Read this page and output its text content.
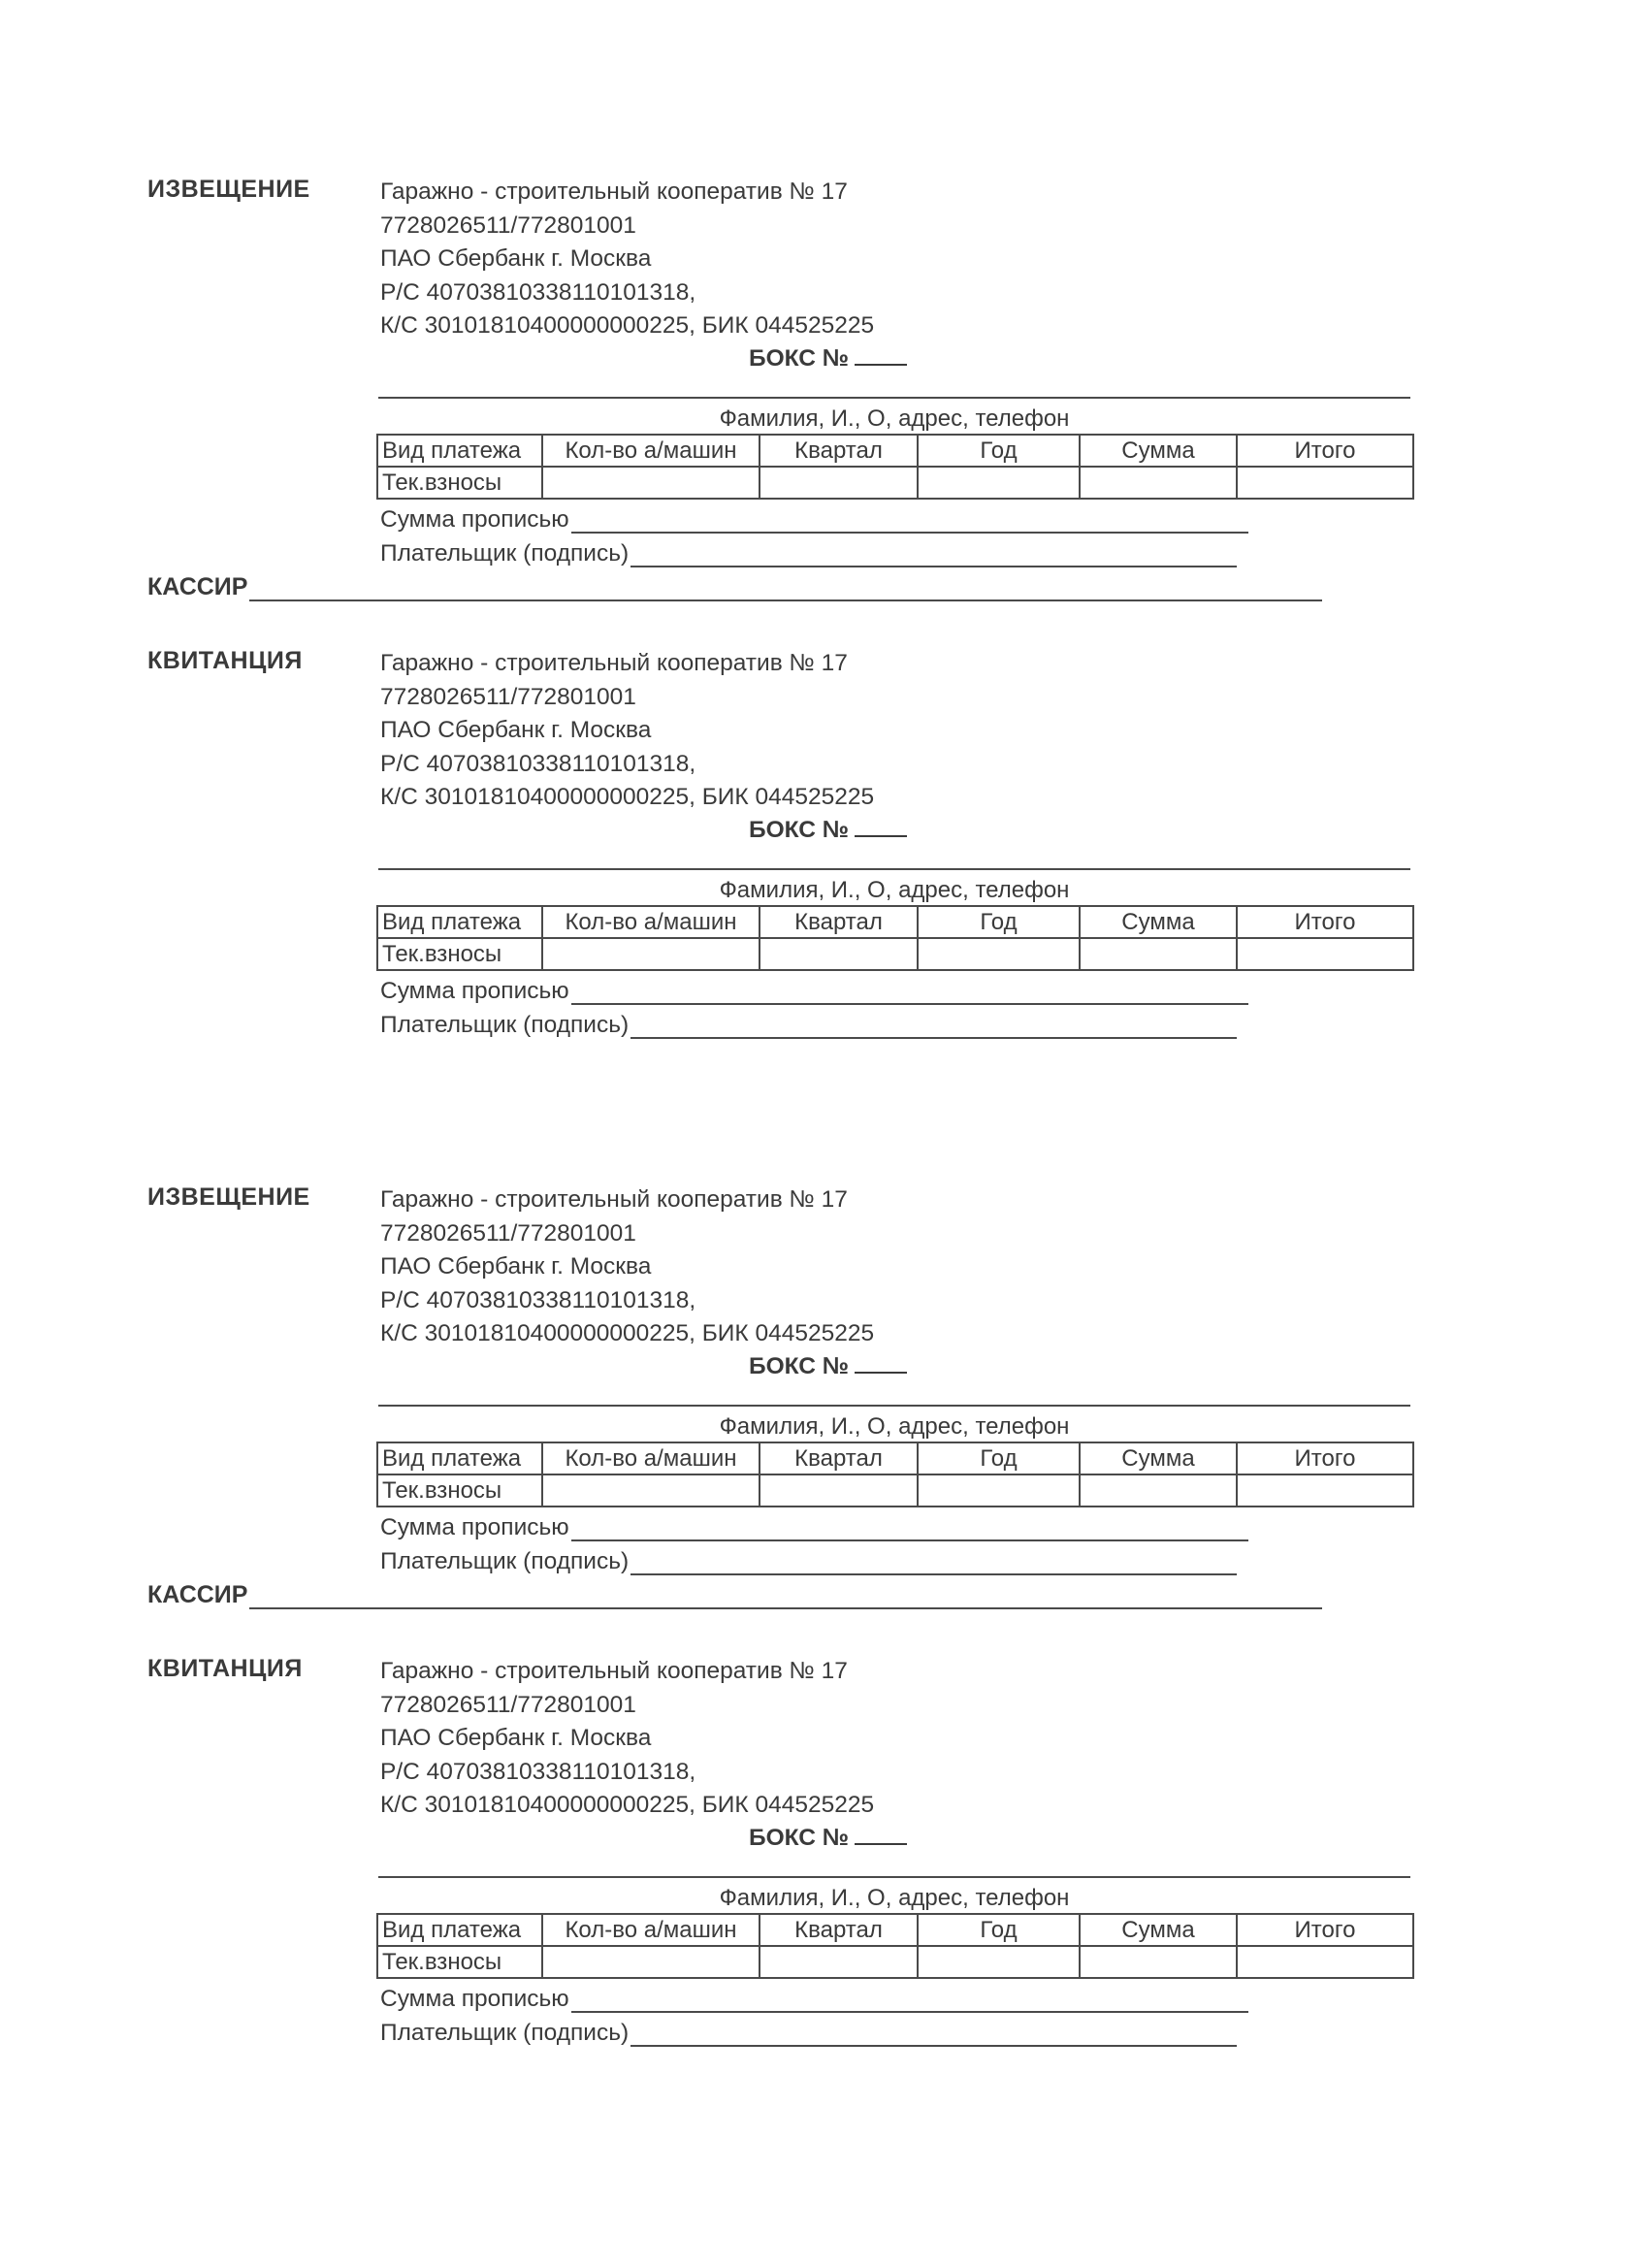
ИЗВЕЩЕНИЕ	Гаражно - строительный кооператив № 17
7728026511/772801001
ПАО Сбербанк г. Москва
Р/С 40703810338110101318,
К/С 30101810400000000225, БИК 044525225
БОКС №
Фамилия, И., О, адрес, телефон
Вид платежа	Кол-во а/машин	Квартал	Год	Сумма	Итого
Тек.взносы					
Сумма прописью
Плательщик (подпись)
КАССИР
КВИТАНЦИЯ	Гаражно - строительный кооператив № 17
7728026511/772801001
ПАО Сбербанк г. Москва
Р/С 40703810338110101318,
К/С 30101810400000000225, БИК 044525225
БОКС №
Фамилия, И., О, адрес, телефон
Вид платежа	Кол-во а/машин	Квартал	Год	Сумма	Итого
Тек.взносы					
Сумма прописью
Плательщик (подпись)
ИЗВЕЩЕНИЕ	Гаражно - строительный кооператив № 17
7728026511/772801001
ПАО Сбербанк г. Москва
Р/С 40703810338110101318,
К/С 30101810400000000225, БИК 044525225
БОКС №
Фамилия, И., О, адрес, телефон
Вид платежа	Кол-во а/машин	Квартал	Год	Сумма	Итого
Тек.взносы					
Сумма прописью
Плательщик (подпись)
КАССИР
КВИТАНЦИЯ	Гаражно - строительный кооператив № 17
7728026511/772801001
ПАО Сбербанк г. Москва
Р/С 40703810338110101318,
К/С 30101810400000000225, БИК 044525225
БОКС №
Фамилия, И., О, адрес, телефон
Вид платежа	Кол-во а/машин	Квартал	Год	Сумма	Итого
Тек.взносы					
Сумма прописью
Плательщик (подпись)
